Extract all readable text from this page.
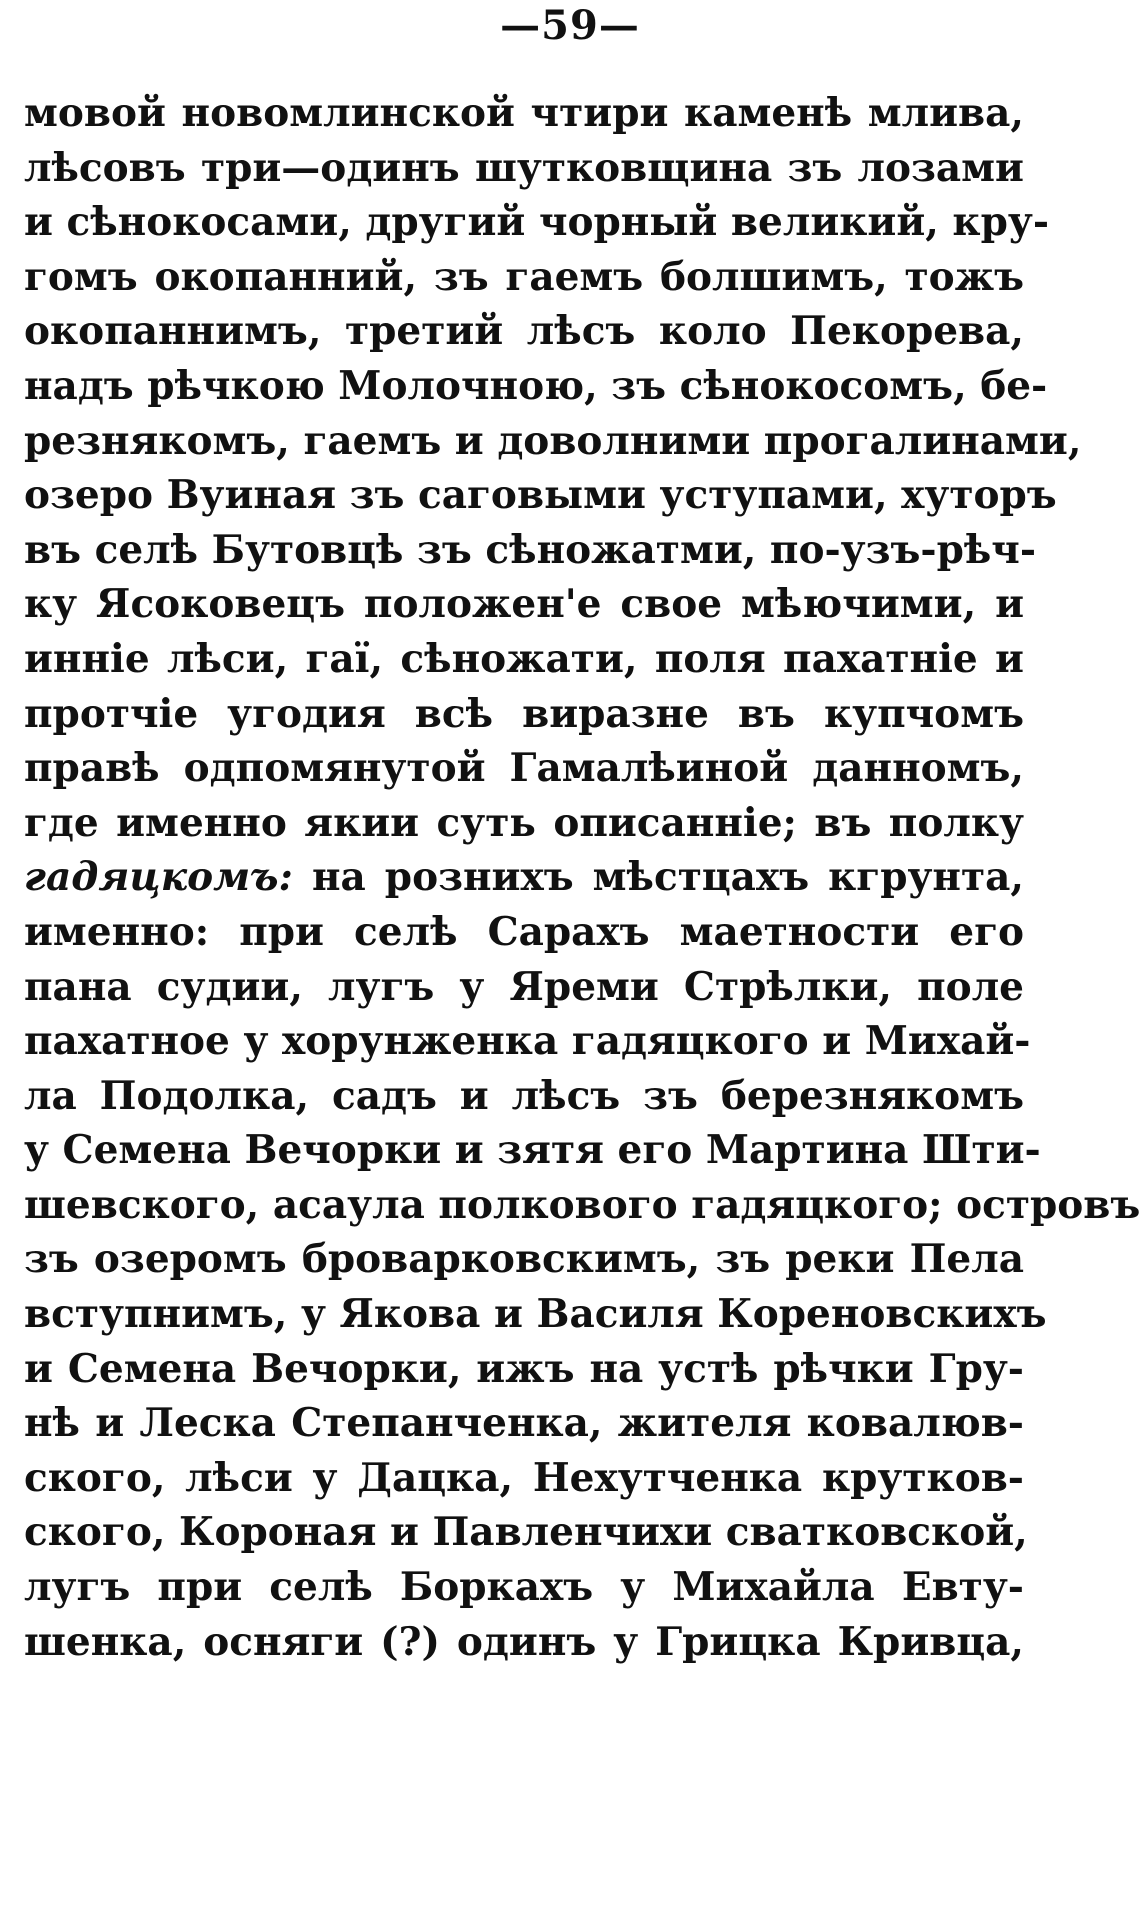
—59—
мовой новомлинской чтири каменѣ млива,
лѣсовъ три—одинъ шутковщина зъ лозами
и сѣнокосами, другий чорный великий, кру-
гомъ окопанний, зъ гаемъ болшимъ, тожъ
окопаннимъ, третий лѣсъ коло Пекорева,
надъ рѣчкою Молочною, зъ сѣнокосомъ, бе-
резнякомъ, гаемъ и доволними прогалинами,
озеро Вуиная зъ саговыми уступами, хуторъ
въ селѣ Бутовцѣ зъ сѣножатми, по-узъ-рѣч-
ку Ясоковецъ положен'е свое мѣючими, и
инніе лѣси, гаї, сѣножати, поля пахатніе и
протчіе угодия всѣ виразне въ купчомъ
правѣ одпомянутой Гамалѣиной данномъ,
где именно якии суть описанніе; въ полку
гадяцкомъ: на розниxъ мѣстцахъ кгрунта,
именно: при селѣ Сарахъ маетности его
пана судии, лугъ у Яреми Стрѣлки, поле
пахатное у хорунженка гадяцкого и Михай-
ла Подолка, садъ и лѣсъ зъ березнякомъ
у Семена Вечорки и зятя его Мартина Шти-
шевского, асаула полкового гадяцкого; островъ
зъ озеромъ броварковскимъ, зъ реки Пела
вступнимъ, у Якова и Василя Кореновскихъ
и Семена Вечорки, ижъ на устѣ рѣчки Гру-
нѣ и Леска Степанченка, жителя ковалюв-
ского, лѣси у Дацка, Нехутченка крутков-
ского, Короная и Павленчихи сватковской,
лугъ при селѣ Боркахъ у Михайла Евту-
шенка, осняги (?) одинъ у Грицка Кривца,
